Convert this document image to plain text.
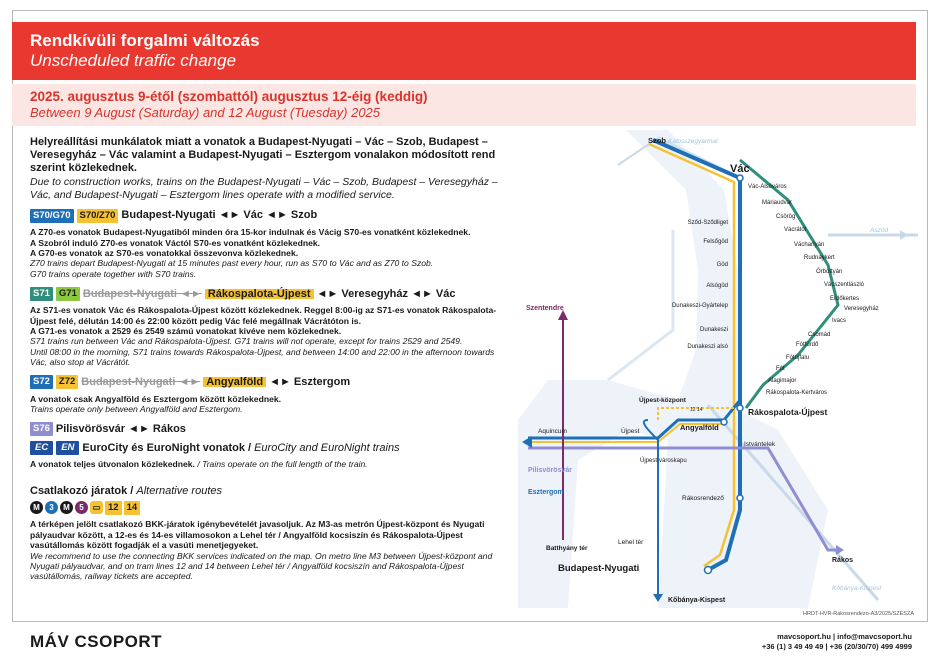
Rendkívüli forgalmi változás
Unscheduled traffic change
2025. augusztus 9-étől (szombattól) augusztus 12-éig (keddig)
Between 9 August (Saturday) and 12 August (Tuesday) 2025
Helyreállítási munkálatok miatt a vonatok a Budapest-Nyugati – Vác – Szob, Budapest – Veresegyház – Vác valamint a Budapest-Nyugati – Esztergom vonalakon módosított rend szerint közlekednek.
Due to construction works, trains on the Budapest-Nyugati – Vác – Szob, Budapest – Veresegyház – Vác, and Budapest-Nyugati – Esztergom lines operate with a modified service.
S70/G70 S70/Z70 Budapest-Nyugati ◄► Vác ◄► Szob
A Z70-es vonatok Budapest-Nyugatiból minden óra 15-kor indulnak és Vácig S70-es vonatként közlekednek.
A Szobról induló Z70-es vonatok Váctól S70-es vonatként közlekednek.
A G70-es vonatok az S70-es vonatokkal összevonva közlekednek.
Z70 trains depart Budapest-Nyugati at 15 minutes past every hour, run as S70 to Vác and as Z70 to Szob.
G70 trains operate together with S70 trains.
S71 G71 Budapest-Nyugati ◄► Rákospalota-Újpest ◄► Veresegyház ◄► Vác
Az S71-es vonatok Vác és Rákospalota-Újpest között közlekednek. Reggel 8:00-ig az S71-es vonatok Rákospalota-Újpest felé, délután 14:00 és 22:00 között pedig Vác felé megállnak Vácrátóton is.
A G71-es vonatok a 2529 és 2549 számú vonatokat kivéve nem közlekednek.
S71 trains run between Vác and Rákospalota-Újpest. G71 trains will not operate, except for trains 2529 and 2549.
Until 08:00 in the morning, S71 trains towards Rákospalota-Újpest, and between 14:00 and 22:00 in the afternoon towards Vác, also stop at Vácrátót.
S72 Z72 Budapest-Nyugati ◄► Angyalföld ◄► Esztergom
A vonatok csak Angyalföld és Esztergom között közlekednek.
Trains operate only between Angyalföld and Esztergom.
S76 Pilisvörösvár ◄► Rákos
EC	EN EuroCity és EuroNight vonatok / EuroCity and EuroNight trains
A vonatok teljes útvonalon közlekednek. / Trains operate on the full length of the train.
Csatlakozó járatok / Alternative routes
M	3	M	5	▭ 12 14
A térképen jelölt csatlakozó BKK-járatok igénybevételét javasoljuk. Az M3-as metrón Újpest-központ és Nyugati pályaudvar között, a 12-es és 14-es villamosokon a Lehel tér / Angyalföld kocsiszín és Rákospalota-Újpest vasútállomás között fogadják el a vasúti menetjegyeket.
We recommend to use the connecting BKK services indicated on the map. On metro line M3 between Újpest-központ and Nyugati pályaudvar, and on tram lines 12 and 14 between Lehel tér / Angyalföld kocsiszín and Rákospalota-Újpest vasútállomás, railway tickets are accepted.
Szob Kalosszegyarmat
Vác
Aszód
Szentendre
Rákos
Kőbánya-Kispest
Pilisvörösvár
Esztergom
Aquincum	Újpest
Újpest-központ
Újpest-városkapu
Angyalföld
Rákospalota-Újpest
Istvántelek
Rákosrendező
Lehel tér
Batthyány tér
Budapest-Nyugati
Kőbánya-Kispest
12 14
Sződ-Sződliget
Felsőgöd
Göd
Alsógöd
Dunakeszi-Gyártelep
Dunakeszi
Dunakeszi alsó
Vác-Alsóváros
Máriaudvar
Csörög
Vácrátót
Váchartyán
Rudnaykert
Őrbottyán
Vácszentlászló
Erdőkertes
Veresegyház
Ivacs
Csomád
Fótfürdő
Fótújfalu
Fót
Alagimajor
Rákospalota-Kertváros
HRDT-HVR-Rakosrendezo-A3/2025/SZESZA
MÁV CSOPORT	mavcsoport.hu | info@mavcsoport.hu
+36 (1) 3 49 49 49 | +36 (20/30/70) 499 4999
